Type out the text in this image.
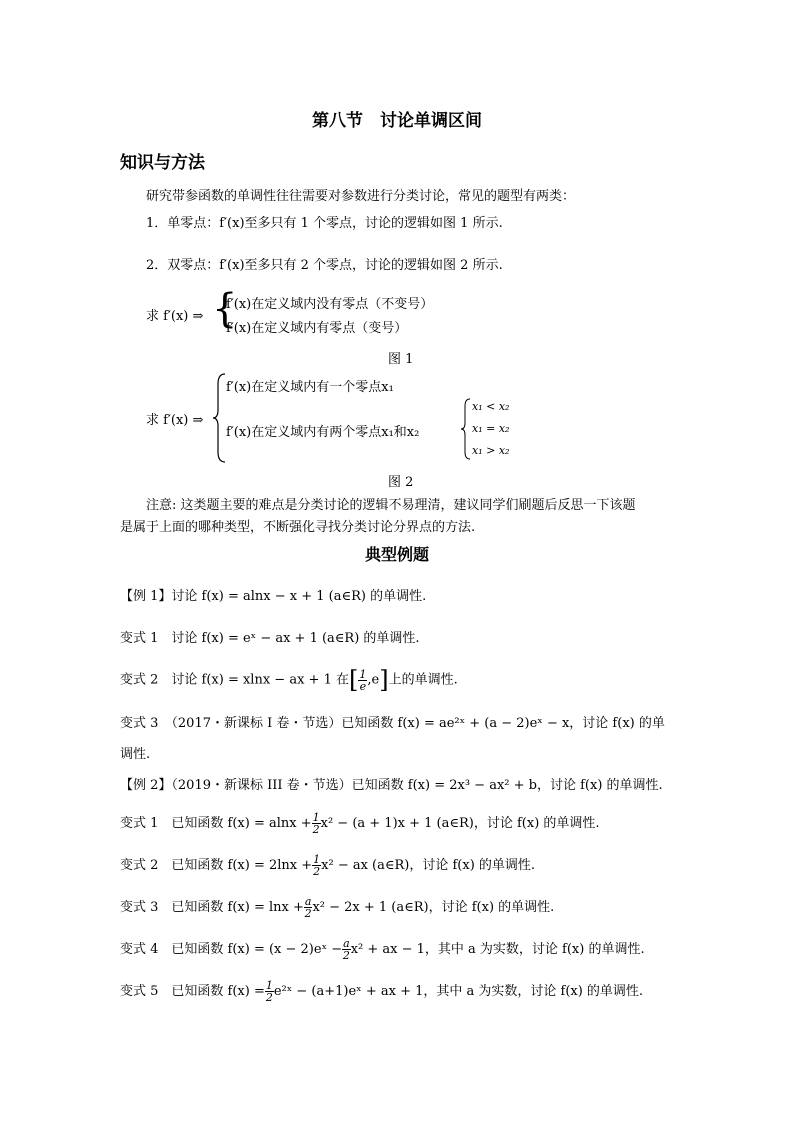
第八节　讨论单调区间
知识与方法
研究带参函数的单调性往往需要对参数进行分类讨论，常见的题型有两类：
1．单零点：f′(x)至多只有 1 个零点，讨论的逻辑如图 1 所示.
2．双零点：f′(x)至多只有 2 个零点，讨论的逻辑如图 2 所示.
求 f′(x) ⇒ {
f′(x)在定义域内没有零点（不变号）
f′(x)在定义域内有零点（变号）
图 1
求 f′(x) ⇒
f′(x)在定义域内有一个零点x₁
f′(x)在定义域内有两个零点x₁和x₂
x₁ < x₂
x₁ = x₂
x₁ > x₂
图 2
注意: 这类题主要的难点是分类讨论的逻辑不易理清，建议同学们刷题后反思一下该题
是属于上面的哪种类型，不断强化寻找分类讨论分界点的方法.
典型例题
【例 1】讨论 f(x) = alnx − x + 1 (a∈R) 的单调性.
变式 1　讨论 f(x) = eˣ − ax + 1 (a∈R) 的单调性.
变式 2　讨论 f(x) = xlnx − ax + 1 在[ $\frac{1}{e} ,e$]上的单调性.
变式 3　（2017・新课标 I 卷・节选）已知函数 f(x) = ae²ˣ + (a − 2)eˣ − x，讨论 f(x) 的单
调性.
【例 2】（2019・新课标 III 卷・节选）已知函数 f(x) = 2x³ − ax² + b，讨论 f(x) 的单调性.
变式 1　已知函数 $f(x) = alnx + \frac{1}{2} x^2 - (a + 1)x + 1$ (a∈R)，讨论 f(x) 的单调性.
变式 2　已知函数 $f(x) = 2\ln x + \frac{1}{2} x^2$ − ax (a∈R)，讨论 f(x) 的单调性.
变式 3　已知函数 $f(x) = \ln x + \frac{a}{2} x^2 - 2x + 1$ (a∈R)，讨论 f(x) 的单调性.
变式 4　已知函数 f(x) = (x − 2)eˣ − $\frac{a}{2} x^2$ + ax − 1，其中 a 为实数，讨论 f(x) 的单调性.
变式 5　已知函数 $f(x) = \frac{1}{2}$ e²ˣ − (a+1)eˣ + ax + 1，其中 a 为实数，讨论 f(x) 的单调性.
